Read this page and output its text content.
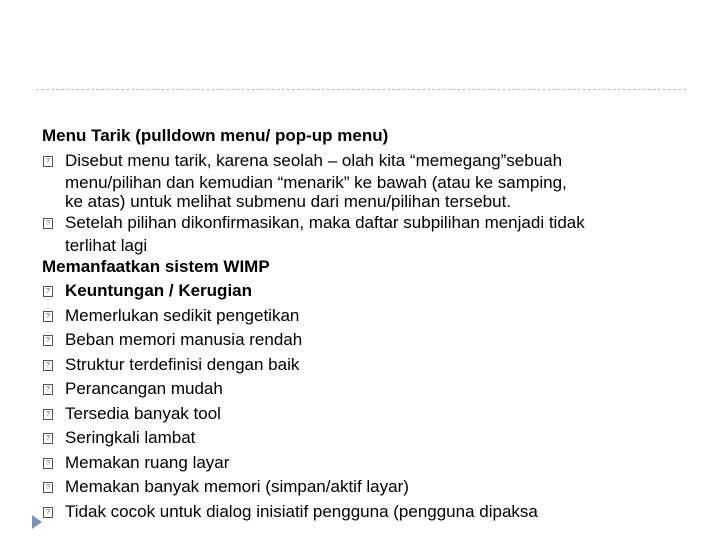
Menu Tarik (pulldown menu/ pop-up menu)
? Disebut menu tarik, karena seolah – olah kita “memegang”sebuah
menu/pilihan dan kemudian “menarik” ke bawah (atau ke samping,
ke atas) untuk melihat submenu dari menu/pilihan tersebut.
? Setelah pilihan dikonfirmasikan, maka daftar subpilihan menjadi tidak
terlihat lagi
Memanfaatkan sistem WIMP
? Keuntungan / Kerugian
? Memerlukan sedikit pengetikan
? Beban memori manusia rendah
? Struktur terdefinisi dengan baik
? Perancangan mudah
? Tersedia banyak tool
? Seringkali lambat
? Memakan ruang layar
? Memakan banyak memori (simpan/aktif layar)
? Tidak cocok untuk dialog inisiatif pengguna (pengguna dipaksa
